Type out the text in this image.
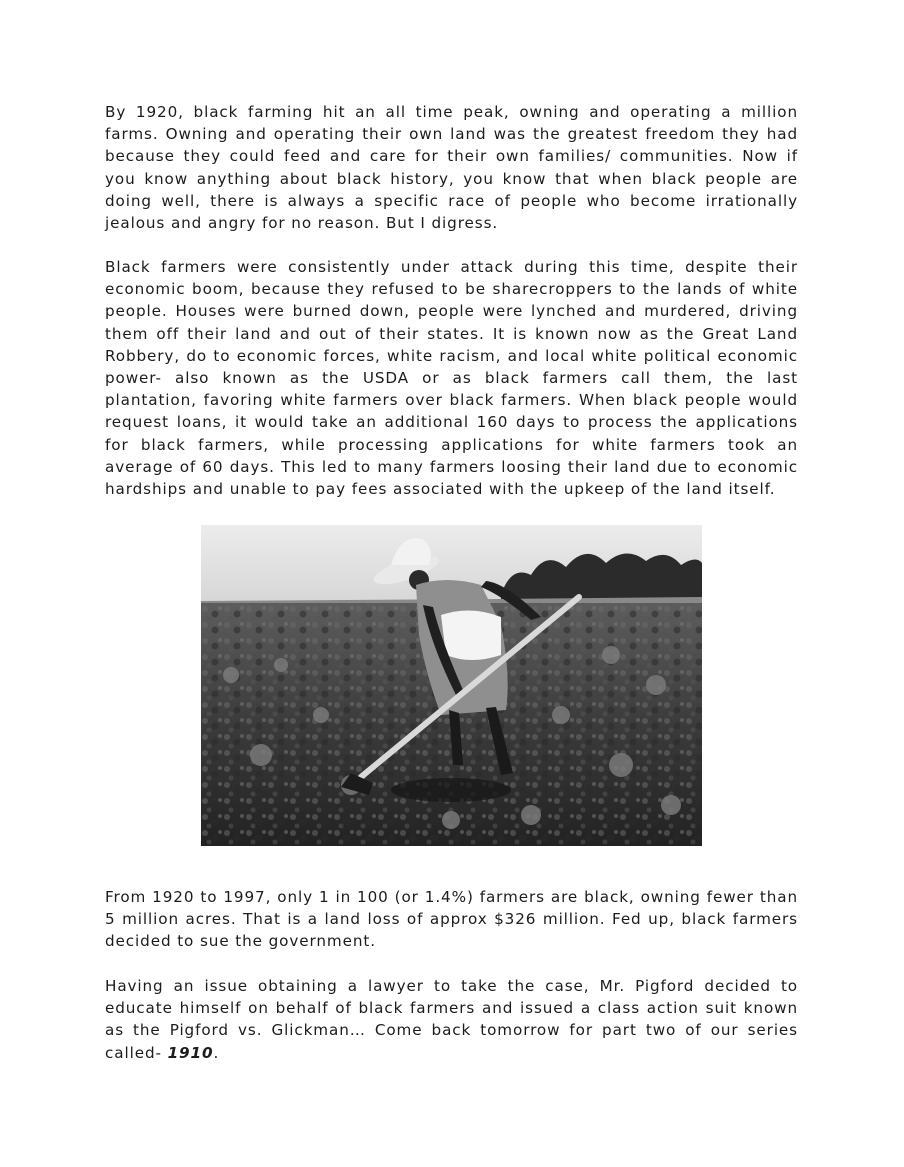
By 1920, black farming hit an all time peak, owning and operating a million farms. Owning and operating their own land was the greatest freedom they had because they could feed and care for their own families/ communities. Now if you know anything about black history, you know that when black people are doing well, there is always a specific race of people who become irrationally jealous and angry for no reason. But I digress.

Black farmers were consistently under attack during this time, despite their economic boom, because they refused to be sharecroppers to the lands of white people. Houses were burned down, people were lynched and murdered, driving them off their land and out of their states. It is known now as the Great Land Robbery, do to economic forces, white racism, and local white political economic power- also known as the USDA or as black farmers call them, the last plantation, favoring white farmers over black farmers. When black people would request loans, it would take an additional 160 days to process the applications for black farmers, while processing applications for white farmers took an average of 60 days. This led to many farmers loosing their land due to economic hardships and unable to pay fees associated with the upkeep of the land itself.

From 1920 to 1997, only 1 in 100 (or 1.4%) farmers are black, owning fewer than 5 million acres. That is a land loss of approx $326 million. Fed up, black farmers decided to sue the government.

Having an issue obtaining a lawyer to take the case, Mr. Pigford decided to educate himself on behalf of black farmers and issued a class action suit known as the Pigford vs. Glickman… Come back tomorrow for part two of our series called- 1910.
